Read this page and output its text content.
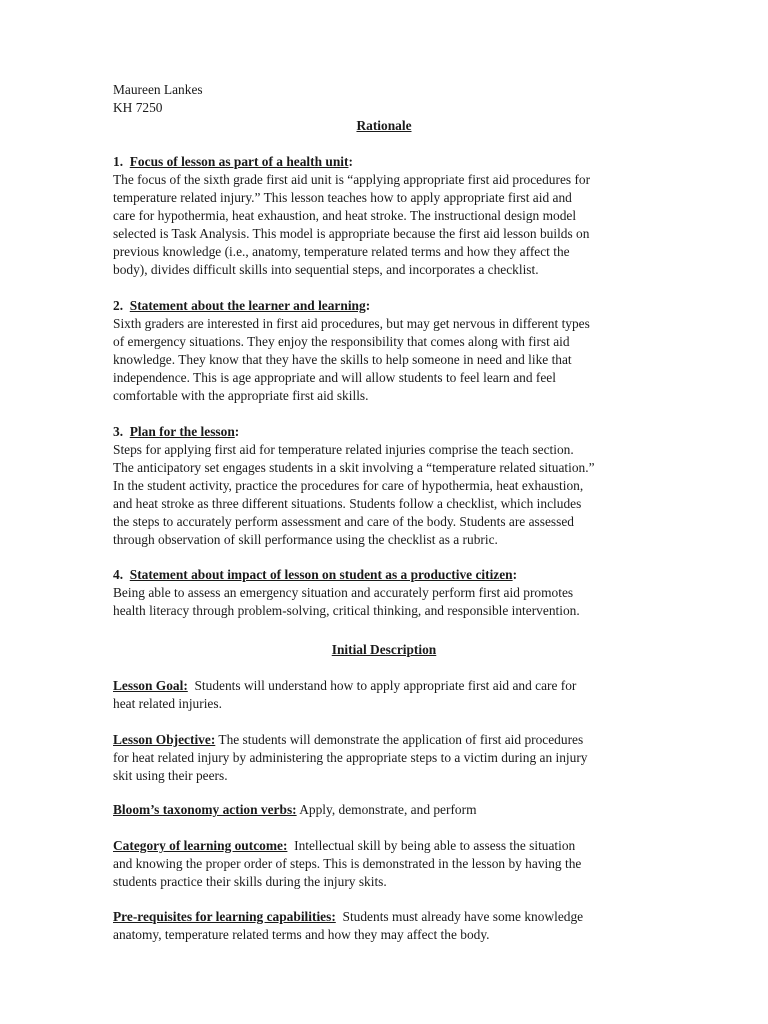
Maureen Lankes

KH 7250

Rationale

1. Focus of lesson as part of a health unit:

The focus of the sixth grade first aid unit is “applying appropriate first aid procedures for

temperature related injury.” This lesson teaches how to apply appropriate first aid and

care for hypothermia, heat exhaustion, and heat stroke. The instructional design model

selected is Task Analysis. This model is appropriate because the first aid lesson builds on

previous knowledge (i.e., anatomy, temperature related terms and how they affect the

body), divides difficult skills into sequential steps, and incorporates a checklist.

2. Statement about the learner and learning:

Sixth graders are interested in first aid procedures, but may get nervous in different types

of emergency situations. They enjoy the responsibility that comes along with first aid

knowledge. They know that they have the skills to help someone in need and like that

independence. This is age appropriate and will allow students to feel learn and feel

comfortable with the appropriate first aid skills.

3. Plan for the lesson:

Steps for applying first aid for temperature related injuries comprise the teach section.

The anticipatory set engages students in a skit involving a “temperature related situation.”

In the student activity, practice the procedures for care of hypothermia, heat exhaustion,

and heat stroke as three different situations. Students follow a checklist, which includes

the steps to accurately perform assessment and care of the body. Students are assessed

through observation of skill performance using the checklist as a rubric.

4. Statement about impact of lesson on student as a productive citizen:

Being able to assess an emergency situation and accurately perform first aid promotes

health literacy through problem-solving, critical thinking, and responsible intervention.

Initial Description

Lesson Goal: Students will understand how to apply appropriate first aid and care for

heat related injuries.

Lesson Objective: The students will demonstrate the application of first aid procedures

for heat related injury by administering the appropriate steps to a victim during an injury

skit using their peers.

Bloom’s taxonomy action verbs: Apply, demonstrate, and perform

Category of learning outcome: Intellectual skill by being able to assess the situation

and knowing the proper order of steps. This is demonstrated in the lesson by having the

students practice their skills during the injury skits.

Pre-requisites for learning capabilities: Students must already have some knowledge

anatomy, temperature related terms and how they may affect the body.
